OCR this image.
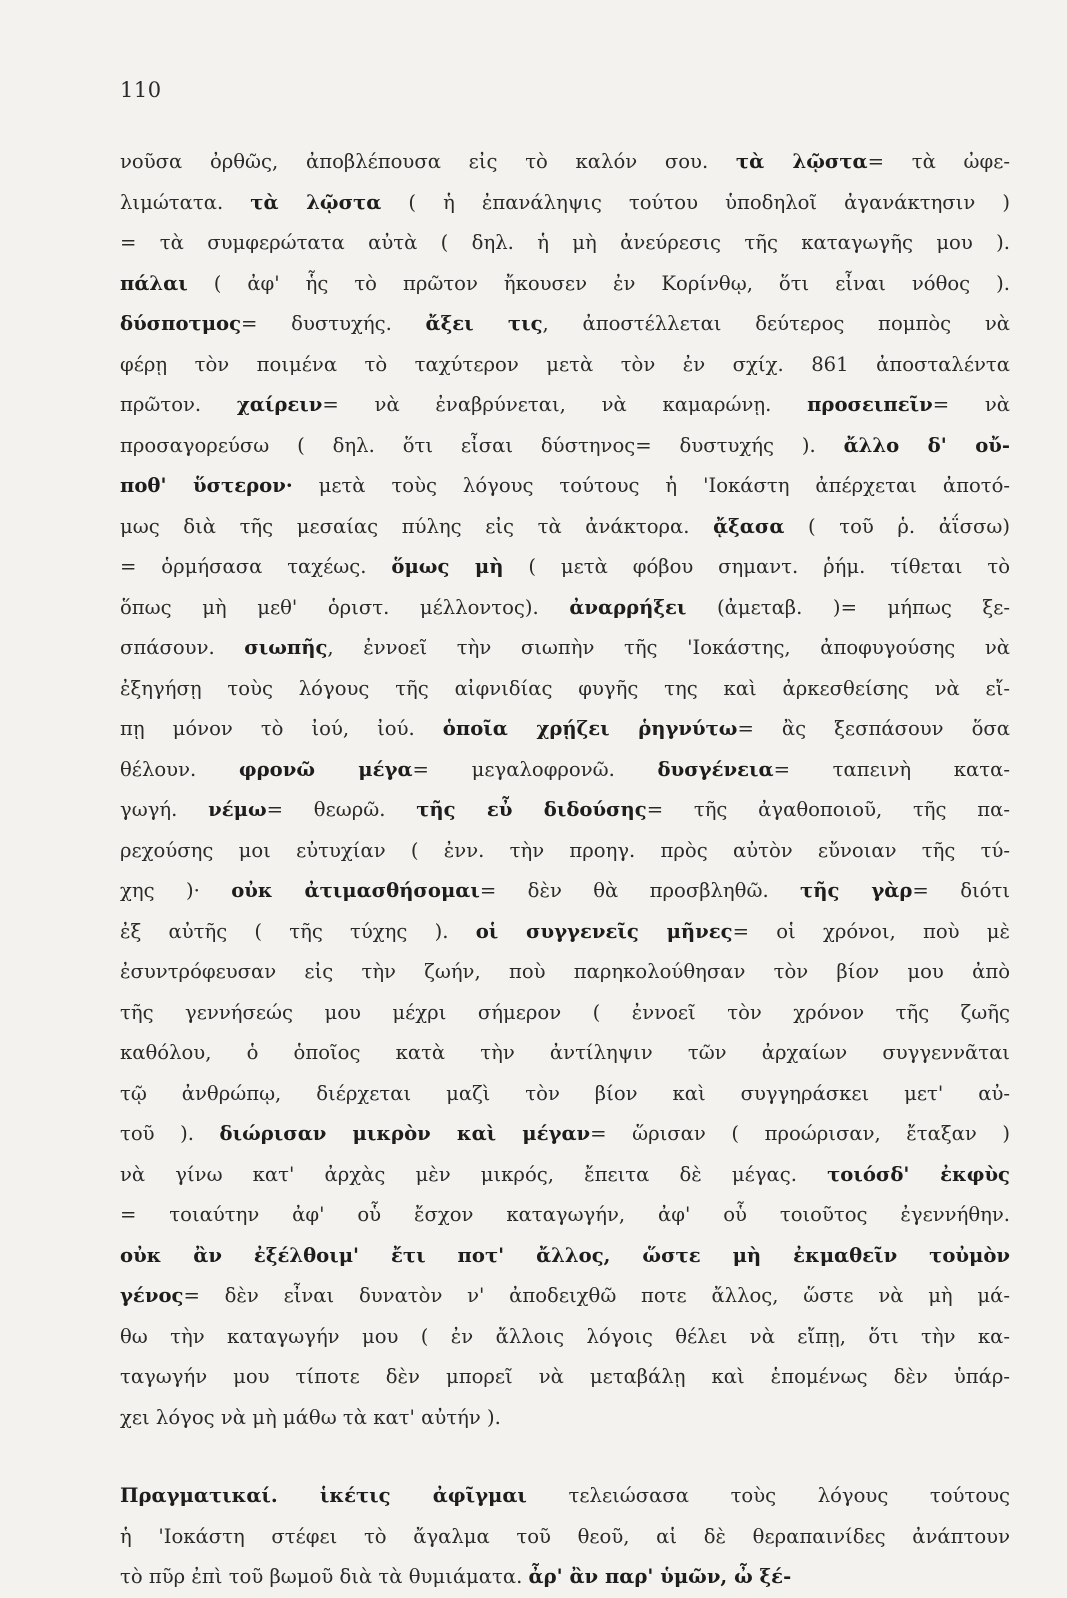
110
νοῦσα ὀρθῶς, ἀποβλέπουσα εἰς τὸ καλόν σου. τὰ λῷστα= τὰ ὠφε-
λιμώτατα. τὰ λῷστα ( ἡ ἐπανάληψις τούτου ὑποδηλοῖ ἀγανάκτησιν )
= τὰ συμφερώτατα αὐτὰ ( δηλ. ἡ μὴ ἀνεύρεσις τῆς καταγωγῆς μου ).
πάλαι ( ἀφ' ἧς τὸ πρῶτον ἤκουσεν ἐν Κορίνθῳ, ὅτι εἶναι νόθος ).
δύσποτμος= δυστυχής. ἄξει τις, ἀποστέλλεται δεύτερος πομπὸς νὰ
φέρῃ τὸν ποιμένα τὸ ταχύτερον μετὰ τὸν ἐν σχίχ. 861 ἀποσταλέντα
πρῶτον. χαίρειν= νὰ ἐναβρύνεται, νὰ καμαρώνῃ. προσειπεῖν= νὰ
προσαγορεύσω ( δηλ. ὅτι εἶσαι δύστηνος= δυστυχής ). ἄλλο δ' οὔ-
ποθ' ὕστερον· μετὰ τοὺς λόγους τούτους ἡ 'Ιοκάστη ἀπέρχεται ἀποτό-
μως διὰ τῆς μεσαίας πύλης εἰς τὰ ἀνάκτορα. ᾄξασα ( τοῦ ῥ. ἀΐσσω)
= ὁρμήσασα ταχέως. ὅμως μὴ ( μετὰ φόβου σημαντ. ῥήμ. τίθεται τὸ
ὅπως μὴ μεθ' ὁριστ. μέλλοντος). ἀναρρήξει (ἀμεταβ. )= μήπως ξε-
σπάσουν. σιωπῆς, ἐννοεῖ τὴν σιωπὴν τῆς 'Ιοκάστης, ἀποφυγούσης νὰ
ἐξηγήσῃ τοὺς λόγους τῆς αἰφνιδίας φυγῆς της καὶ ἀρκεσθείσης νὰ εἴ-
πῃ μόνον τὸ ἰού, ἰού. ὁποῖα χρῄζει ῥηγνύτω= ἂς ξεσπάσουν ὅσα
θέλουν. φρονῶ μέγα= μεγαλοφρονῶ. δυσγένεια= ταπεινὴ κατα-
γωγή. νέμω= θεωρῶ. τῆς εὖ διδούσης= τῆς ἀγαθοποιοῦ, τῆς πα-
ρεχούσης μοι εὐτυχίαν ( ἐνν. τὴν προηγ. πρὸς αὐτὸν εὔνοιαν τῆς τύ-
χης )· οὐκ ἀτιμασθήσομαι= δὲν θὰ προσβληθῶ. τῆς γὰρ= διότι
ἐξ αὐτῆς ( τῆς τύχης ). οἱ συγγενεῖς μῆνες= οἱ χρόνοι, ποὺ μὲ
ἐσυντρόφευσαν εἰς τὴν ζωήν, ποὺ παρηκολούθησαν τὸν βίον μου ἀπὸ
τῆς γεννήσεώς μου μέχρι σήμερον ( ἐννοεῖ τὸν χρόνον τῆς ζωῆς
καθόλου, ὁ ὁποῖος κατὰ τὴν ἀντίληψιν τῶν ἀρχαίων συγγεννᾶται
τῷ ἀνθρώπῳ, διέρχεται μαζὶ τὸν βίον καὶ συγγηράσκει μετ' αὐ-
τοῦ ). διώρισαν μικρὸν καὶ μέγαν= ὥρισαν ( προώρισαν, ἔταξαν )
νὰ γίνω κατ' ἀρχὰς μὲν μικρός, ἔπειτα δὲ μέγας. τοιόσδ' ἐκφὺς
= τοιαύτην ἀφ' οὗ ἔσχον καταγωγήν, ἀφ' οὗ τοιοῦτος ἐγεννήθην.
οὐκ ἂν ἐξέλθοιμ' ἔτι ποτ' ἄλλος, ὥστε μὴ ἐκμαθεῖν τοὐμὸν
γένος= δὲν εἶναι δυνατὸν ν' ἀποδειχθῶ ποτε ἄλλος, ὥστε νὰ μὴ μά-
θω τὴν καταγωγήν μου ( ἐν ἄλλοις λόγοις θέλει νὰ εἴπῃ, ὅτι τὴν κα-
ταγωγήν μου τίποτε δὲν μπορεῖ νὰ μεταβάλῃ καὶ ἑπομένως δὲν ὑπάρ-
χει λόγος νὰ μὴ μάθω τὰ κατ' αὐτήν ).
Πραγματικαί. ἱκέτις ἀφῖγμαι τελειώσασα τοὺς λόγους τούτους
ἡ 'Ιοκάστη στέφει τὸ ἄγαλμα τοῦ θεοῦ, αἱ δὲ θεραπαινίδες ἀνάπτουν
τὸ πῦρ ἐπὶ τοῦ βωμοῦ διὰ τὰ θυμιάματα. ἆρ' ἂν παρ' ὑμῶν, ὦ ξέ-
